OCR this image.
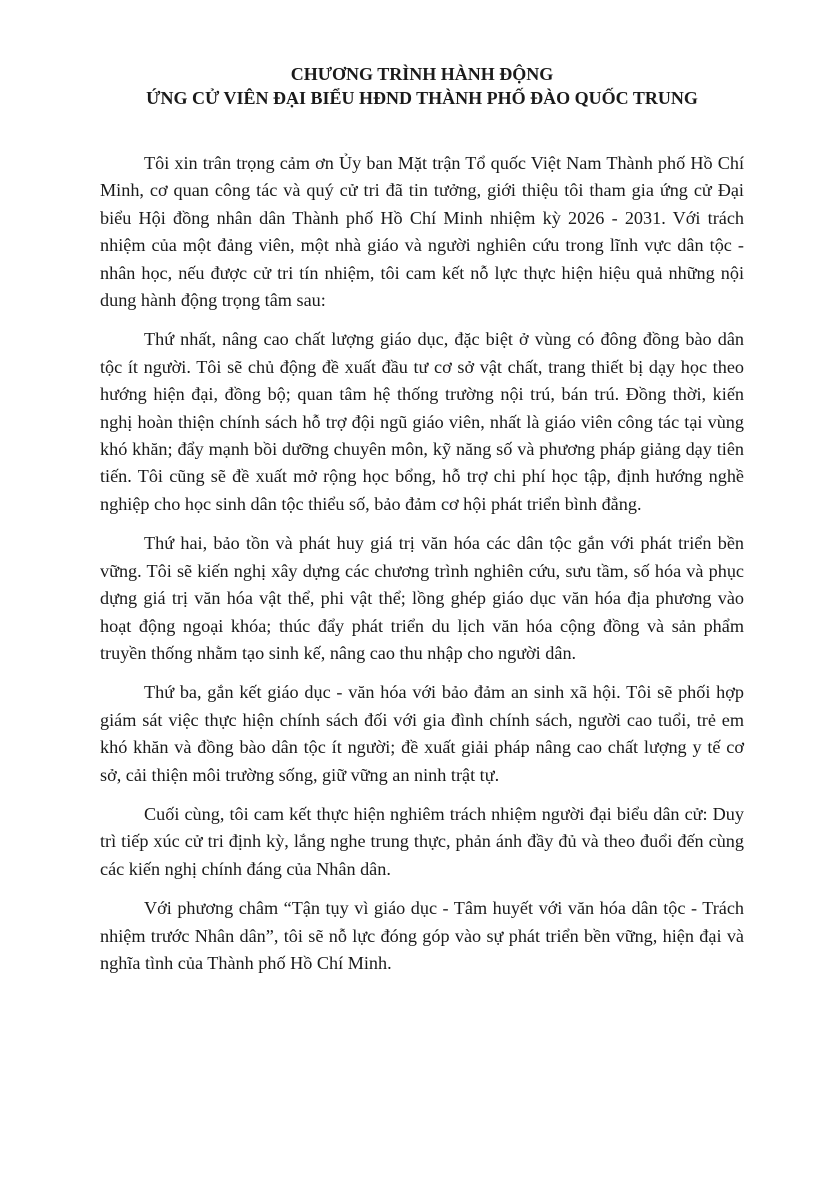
CHƯƠNG TRÌNH HÀNH ĐỘNG
ỨNG CỬ VIÊN ĐẠI BIỂU HĐND THÀNH PHỐ ĐÀO QUỐC TRUNG

Tôi xin trân trọng cảm ơn Ủy ban Mặt trận Tổ quốc Việt Nam Thành phố Hồ Chí Minh, cơ quan công tác và quý cử tri đã tin tưởng, giới thiệu tôi tham gia ứng cử Đại biểu Hội đồng nhân dân Thành phố Hồ Chí Minh nhiệm kỳ 2026 - 2031. Với trách nhiệm của một đảng viên, một nhà giáo và người nghiên cứu trong lĩnh vực dân tộc - nhân học, nếu được cử tri tín nhiệm, tôi cam kết nỗ lực thực hiện hiệu quả những nội dung hành động trọng tâm sau:

Thứ nhất, nâng cao chất lượng giáo dục, đặc biệt ở vùng có đông đồng bào dân tộc ít người. Tôi sẽ chủ động đề xuất đầu tư cơ sở vật chất, trang thiết bị dạy học theo hướng hiện đại, đồng bộ; quan tâm hệ thống trường nội trú, bán trú. Đồng thời, kiến nghị hoàn thiện chính sách hỗ trợ đội ngũ giáo viên, nhất là giáo viên công tác tại vùng khó khăn; đẩy mạnh bồi dưỡng chuyên môn, kỹ năng số và phương pháp giảng dạy tiên tiến. Tôi cũng sẽ đề xuất mở rộng học bổng, hỗ trợ chi phí học tập, định hướng nghề nghiệp cho học sinh dân tộc thiểu số, bảo đảm cơ hội phát triển bình đẳng.

Thứ hai, bảo tồn và phát huy giá trị văn hóa các dân tộc gắn với phát triển bền vững. Tôi sẽ kiến nghị xây dựng các chương trình nghiên cứu, sưu tầm, số hóa và phục dựng giá trị văn hóa vật thể, phi vật thể; lồng ghép giáo dục văn hóa địa phương vào hoạt động ngoại khóa; thúc đẩy phát triển du lịch văn hóa cộng đồng và sản phẩm truyền thống nhằm tạo sinh kế, nâng cao thu nhập cho người dân.

Thứ ba, gắn kết giáo dục - văn hóa với bảo đảm an sinh xã hội. Tôi sẽ phối hợp giám sát việc thực hiện chính sách đối với gia đình chính sách, người cao tuổi, trẻ em khó khăn và đồng bào dân tộc ít người; đề xuất giải pháp nâng cao chất lượng y tế cơ sở, cải thiện môi trường sống, giữ vững an ninh trật tự.

Cuối cùng, tôi cam kết thực hiện nghiêm trách nhiệm người đại biểu dân cử: Duy trì tiếp xúc cử tri định kỳ, lắng nghe trung thực, phản ánh đầy đủ và theo đuổi đến cùng các kiến nghị chính đáng của Nhân dân.

Với phương châm “Tận tụy vì giáo dục - Tâm huyết với văn hóa dân tộc - Trách nhiệm trước Nhân dân”, tôi sẽ nỗ lực đóng góp vào sự phát triển bền vững, hiện đại và nghĩa tình của Thành phố Hồ Chí Minh.
